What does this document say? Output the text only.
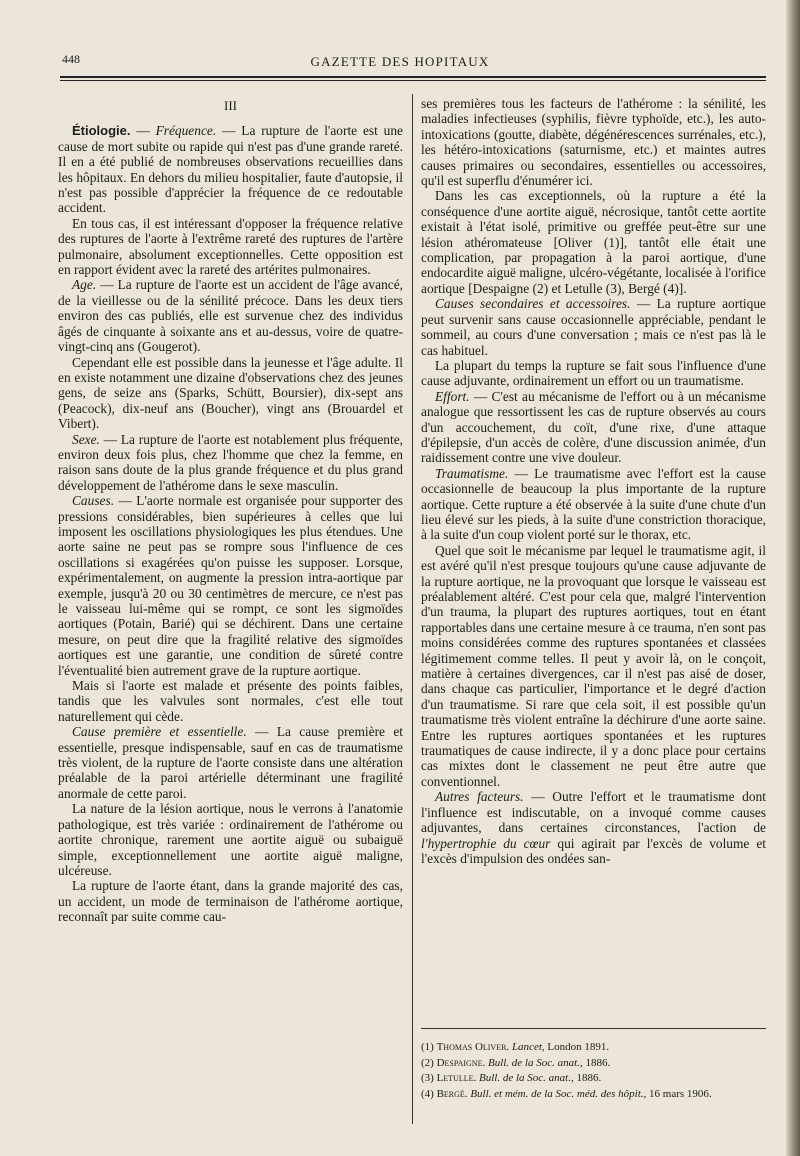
448	GAZETTE DES HOPITAUX
III

Étiologie. — Fréquence. — La rupture de l'aorte est une cause de mort subite ou rapide qui n'est pas d'une grande rareté. Il en a été publié de nombreuses observations recueillies dans les hôpitaux. En dehors du milieu hospitalier, faute d'autopsie, il n'est pas possible d'apprécier la fréquence de ce redoutable accident.

En tous cas, il est intéressant d'opposer la fréquence relative des ruptures de l'aorte à l'extrême rareté des ruptures de l'artère pulmonaire, absolument exceptionnelles. Cette opposition est en rapport évident avec la rareté des artérites pulmonaires.

Age. — La rupture de l'aorte est un accident de l'âge avancé, de la vieillesse ou de la sénilité précoce. Dans les deux tiers environ des cas publiés, elle est survenue chez des individus âgés de cinquante à soixante ans et au-dessus, voire de quatre-vingt-cinq ans (Gougerot).

Cependant elle est possible dans la jeunesse et l'âge adulte. Il en existe notamment une dizaine d'observations chez des jeunes gens, de seize ans (Sparks, Schütt, Boursier), dix-sept ans (Peacock), dix-neuf ans (Boucher), vingt ans (Brouardel et Vibert).

Sexe. — La rupture de l'aorte est notablement plus fréquente, environ deux fois plus, chez l'homme que chez la femme, en raison sans doute de la plus grande fréquence et du plus grand développement de l'athérome dans le sexe masculin.

Causes. — L'aorte normale est organisée pour supporter des pressions considérables, bien supérieures à celles que lui imposent les oscillations physiologiques les plus étendues. Une aorte saine ne peut pas se rompre sous l'influence de ces oscillations si exagérées qu'on puisse les supposer. Lorsque, expérimentalement, on augmente la pression intra-aortique par exemple, jusqu'à 20 ou 30 centimètres de mercure, ce n'est pas le vaisseau lui-même qui se rompt, ce sont les sigmoïdes aortiques (Potain, Barié) qui se déchirent. Dans une certaine mesure, on peut dire que la fragilité relative des sigmoïdes aortiques est une garantie, une condition de sûreté contre l'éventualité bien autrement grave de la rupture aortique.

Mais si l'aorte est malade et présente des points faibles, tandis que les valvules sont normales, c'est elle tout naturellement qui cède.

Cause première et essentielle. — La cause première et essentielle, presque indispensable, sauf en cas de traumatisme très violent, de la rupture de l'aorte consiste dans une altération préalable de la paroi artérielle déterminant une fragilité anormale de cette paroi.

La nature de la lésion aortique, nous le verrons à l'anatomie pathologique, est très variée : ordinairement de l'athérome ou aortite chronique, rarement une aortite aiguë ou subaiguë simple, exceptionnellement une aortite aiguë maligne, ulcéreuse.

La rupture de l'aorte étant, dans la grande majorité des cas, un accident, un mode de terminaison de l'athérome aortique, reconnaît par suite comme cau-

ses premières tous les facteurs de l'athérome : la sénilité, les maladies infectieuses (syphilis, fièvre typhoïde, etc.), les auto-intoxications (goutte, diabète, dégénérescences surrénales, etc.), les hétéro-intoxications (saturnisme, etc.) et maintes autres causes primaires ou secondaires, essentielles ou accessoires, qu'il est superflu d'énumérer ici.

Dans les cas exceptionnels, où la rupture a été la conséquence d'une aortite aiguë, nécrosique, tantôt cette aortite existait à l'état isolé, primitive ou greffée peut-être sur une lésion athéromateuse [Oliver (1)], tantôt elle était une complication, par propagation à la paroi aortique, d'une endocardite aiguë maligne, ulcéro-végétante, localisée à l'orifice aortique [Despaigne (2) et Letulle (3), Bergé (4)].

Causes secondaires et accessoires. — La rupture aortique peut survenir sans cause occasionnelle appréciable, pendant le sommeil, au cours d'une conversation ; mais ce n'est pas là le cas habituel.

La plupart du temps la rupture se fait sous l'influence d'une cause adjuvante, ordinairement un effort ou un traumatisme.

Effort. — C'est au mécanisme de l'effort ou à un mécanisme analogue que ressortissent les cas de rupture observés au cours d'un accouchement, du coït, d'une rixe, d'une attaque d'épilepsie, d'un accès de colère, d'une discussion animée, d'un raidissement contre une vive douleur.

Traumatisme. — Le traumatisme avec l'effort est la cause occasionnelle de beaucoup la plus importante de la rupture aortique. Cette rupture a été observée à la suite d'une chute d'un lieu élevé sur les pieds, à la suite d'une constriction thoracique, à la suite d'un coup violent porté sur le thorax, etc.

Quel que soit le mécanisme par lequel le traumatisme agit, il est avéré qu'il n'est presque toujours qu'une cause adjuvante de la rupture aortique, ne la provoquant que lorsque le vaisseau est préalablement altéré. C'est pour cela que, malgré l'intervention d'un trauma, la plupart des ruptures aortiques, tout en étant rapportables dans une certaine mesure à ce trauma, n'en sont pas moins considérées comme des ruptures spontanées et classées légitimement comme telles. Il peut y avoir là, on le conçoit, matière à certaines divergences, car il n'est pas aisé de doser, dans chaque cas particulier, l'importance et le degré d'action d'un traumatisme. Si rare que cela soit, il est possible qu'un traumatisme très violent entraîne la déchirure d'une aorte saine. Entre les ruptures aortiques spontanées et les ruptures traumatiques de cause indirecte, il y a donc place pour certains cas mixtes dont le classement ne peut être autre que conventionnel.

Autres facteurs. — Outre l'effort et le traumatisme dont l'influence est indiscutable, on a invoqué comme causes adjuvantes, dans certaines circonstances, l'action de l'hypertrophie du cœur qui agirait par l'excès de volume et l'excès d'impulsion des ondées san-

(1) Thomas Oliver. Lancet, London 1891.
(2) Despaigne. Bull. de la Soc. anat., 1886.
(3) Letulle. Bull. de la Soc. anat., 1886.
(4) Bergé. Bull. et mém. de la Soc. méd. des hôpit., 16 mars 1906.
